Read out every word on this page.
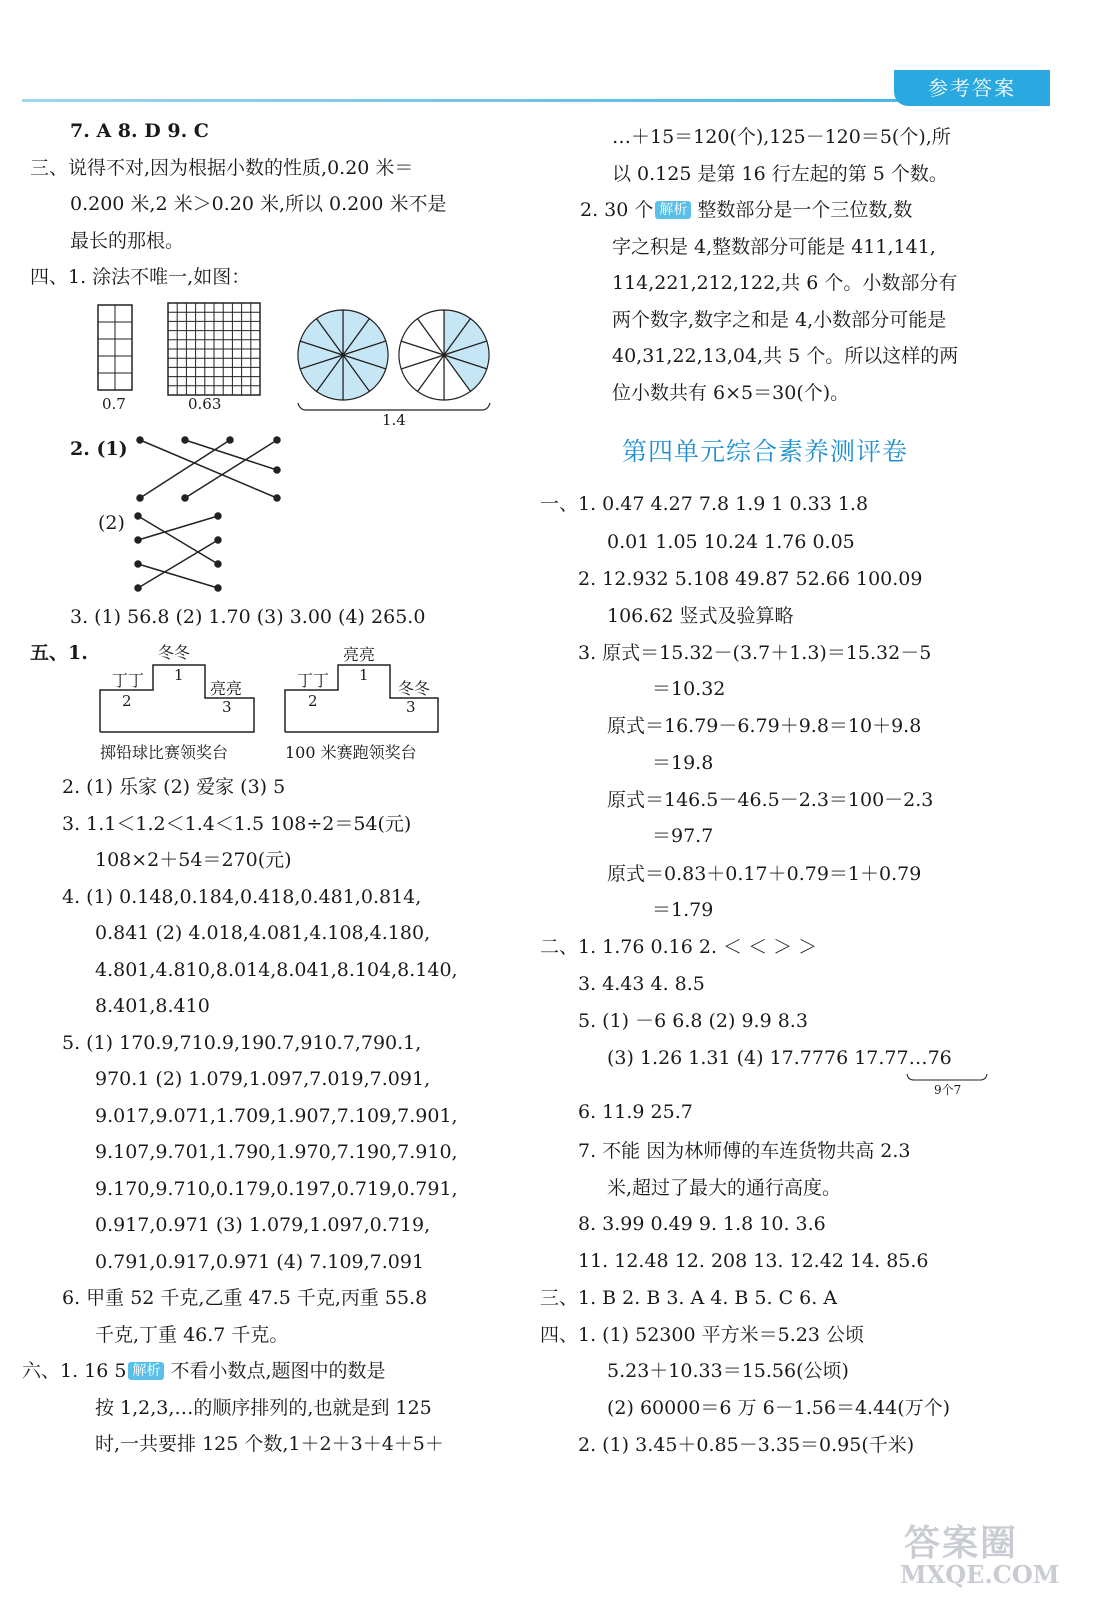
参考答案
7. A 8. D 9. C
三、说得不对,因为根据小数的性质,0.20 米＝
0.200 米,2 米＞0.20 米,所以 0.200 米不是
最长的那根。
四、1. 涂法不唯一,如图：
0.7	0.63
1.4
2. (1)
(2)
3. (1) 56.8 (2) 1.70 (3) 3.00 (4) 265.0
五、1.	冬冬
丁丁	亮亮
1
2	3
掷铅球比赛领奖台
亮亮
丁丁	冬冬
1
2	3
100 米赛跑领奖台
2. (1) 乐家 (2) 爱家 (3) 5
3. 1.1＜1.2＜1.4＜1.5 108÷2＝54(元)
108×2＋54＝270(元)
4. (1) 0.148,0.184,0.418,0.481,0.814,
0.841 (2) 4.018,4.081,4.108,4.180,
4.801,4.810,8.014,8.041,8.104,8.140,
8.401,8.410
5. (1) 170.9,710.9,190.7,910.7,790.1,
970.1 (2) 1.079,1.097,7.019,7.091,
9.017,9.071,1.709,1.907,7.109,7.901,
9.107,9.701,1.790,1.970,7.190,7.910,
9.170,9.710,0.179,0.197,0.719,0.791,
0.917,0.971 (3) 1.079,1.097,0.719,
0.791,0.917,0.971 (4) 7.109,7.091
6. 甲重 52 千克,乙重 47.5 千克,丙重 55.8
千克,丁重 46.7 千克。
六、1. 16 5 解析 不看小数点,题图中的数是
按 1,2,3,…的顺序排列的,也就是到 125
时,一共要排 125 个数,1＋2＋3＋4＋5＋
…＋15＝120(个),125－120＝5(个),所
以 0.125 是第 16 行左起的第 5 个数。
2. 30 个 解析 整数部分是一个三位数,数
字之积是 4,整数部分可能是 411,141,
114,221,212,122,共 6 个。小数部分有
两个数字,数字之和是 4,小数部分可能是
40,31,22,13,04,共 5 个。所以这样的两
位小数共有 6×5＝30(个)。
第四单元综合素养测评卷
一、1. 0.47 4.27 7.8 1.9 1 0.33 1.8
0.01 1.05 10.24 1.76 0.05
2. 12.932 5.108 49.87 52.66 100.09
106.62 竖式及验算略
3. 原式＝15.32－(3.7＋1.3)＝15.32－5
＝10.32
原式＝16.79－6.79＋9.8＝10＋9.8
＝19.8
原式＝146.5－46.5－2.3＝100－2.3
＝97.7
原式＝0.83＋0.17＋0.79＝1＋0.79
＝1.79
二、1. 1.76 0.16 2. ＜ ＜ ＞ ＞
3. 4.43 4. 8.5
5. (1) －6 6.8 (2) 9.9 8.3
(3) 1.26 1.31 (4) 17.7776 17.77…76
9个7
6. 11.9 25.7
7. 不能 因为林师傅的车连货物共高 2.3
米,超过了最大的通行高度。
8. 3.99 0.49 9. 1.8 10. 3.6
11. 12.48 12. 208 13. 12.42 14. 85.6
三、1. B 2. B 3. A 4. B 5. C 6. A
四、1. (1) 52300 平方米＝5.23 公顷
5.23＋10.33＝15.56(公顷)
(2) 60000＝6 万 6－1.56＝4.44(万个)
2. (1) 3.45＋0.85－3.35＝0.95(千米)
答案圈
MXQE.COM
